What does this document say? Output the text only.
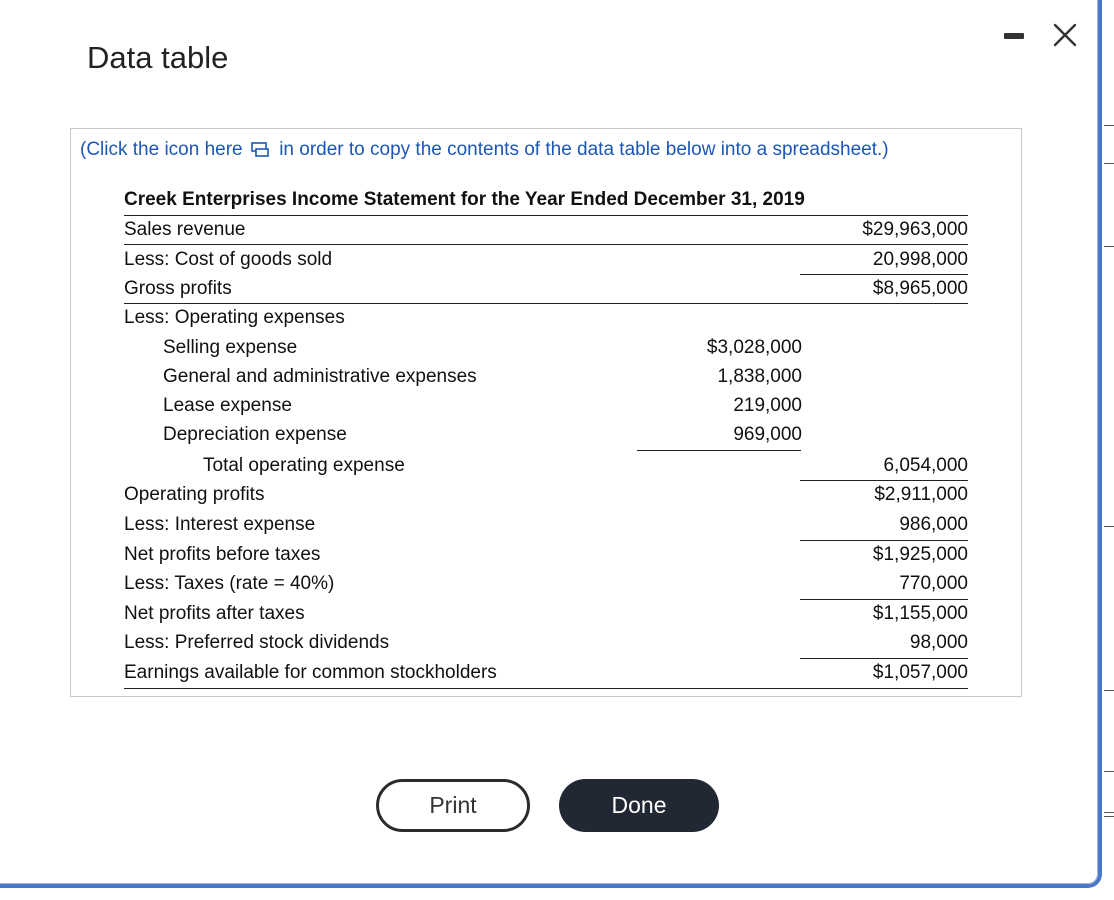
Data table
(Click the icon here in order to copy the contents of the data table below into a spreadsheet.)
Creek Enterprises Income Statement for the Year Ended December 31, 2019
Sales revenue	$29,963,000
Less: Cost of goods sold	20,998,000
Gross profits	$8,965,000
Less: Operating expenses
Selling expense	$3,028,000
General and administrative expenses	1,838,000
Lease expense	219,000
Depreciation expense	969,000
Total operating expense	6,054,000
Operating profits	$2,911,000
Less: Interest expense	986,000
Net profits before taxes	$1,925,000
Less: Taxes (rate = 40%)	770,000
Net profits after taxes	$1,155,000
Less: Preferred stock dividends	98,000
Earnings available for common stockholders	$1,057,000
Print	Done
